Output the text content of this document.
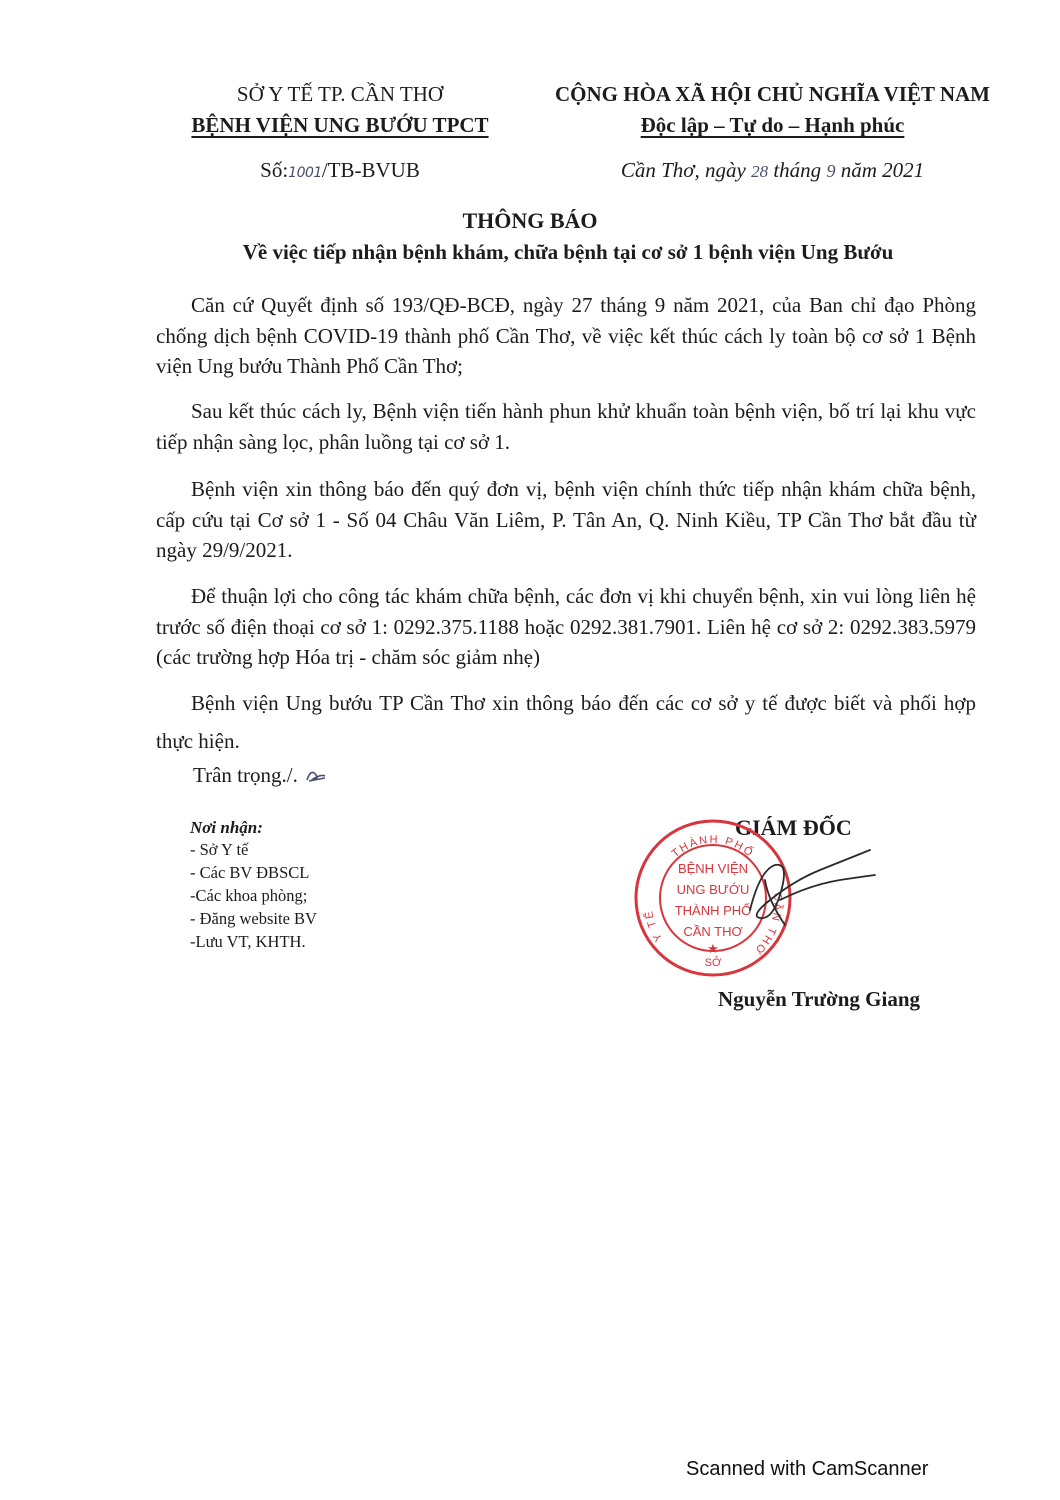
SỞ Y TẾ TP. CẦN THƠ
BỆNH VIỆN UNG BƯỚU TPCT
Số:1001/TB-BVUB
CỘNG HÒA XÃ HỘI CHỦ NGHĨA VIỆT NAM
Độc lập – Tự do – Hạnh phúc
Cần Thơ, ngày 28 tháng 9 năm 2021
THÔNG BÁO
Về việc tiếp nhận bệnh khám, chữa bệnh tại cơ sở 1 bệnh viện Ung Bướu
Căn cứ Quyết định số 193/QĐ-BCĐ, ngày 27 tháng 9 năm 2021, của Ban chỉ đạo Phòng chống dịch bệnh COVID-19 thành phố Cần Thơ, về việc kết thúc cách ly toàn bộ cơ sở 1 Bệnh viện Ung bướu Thành Phố Cần Thơ;
Sau kết thúc cách ly, Bệnh viện tiến hành phun khử khuẩn toàn bệnh viện, bố trí lại khu vực tiếp nhận sàng lọc, phân luồng tại cơ sở 1.
Bệnh viện xin thông báo đến quý đơn vị, bệnh viện chính thức tiếp nhận khám chữa bệnh, cấp cứu tại Cơ sở 1 - Số 04 Châu Văn Liêm, P. Tân An, Q. Ninh Kiều, TP Cần Thơ bắt đầu từ ngày 29/9/2021.
Để thuận lợi cho công tác khám chữa bệnh, các đơn vị khi chuyển bệnh, xin vui lòng liên hệ trước số điện thoại cơ sở 1: 0292.375.1188 hoặc 0292.381.7901. Liên hệ cơ sở 2: 0292.383.5979 (các trường hợp Hóa trị - chăm sóc giảm nhẹ)
Bệnh viện Ung bướu TP Cần Thơ xin thông báo đến các cơ sở y tế được biết và phối hợp thực hiện.
Trân trọng./.
Nơi nhận:
- Sở Y tế
- Các BV ĐBSCL
-Các khoa phòng;
- Đăng website BV
-Lưu VT, KHTH.
GIÁM ĐỐC
THÀNH PHỐ
Y TẾ
CẦN THƠ
SỞ
BỆNH VIỆN
UNG BƯỚU
THÀNH PHỐ
CẦN THƠ
★
Nguyễn Trường Giang
Scanned with CamScanner
